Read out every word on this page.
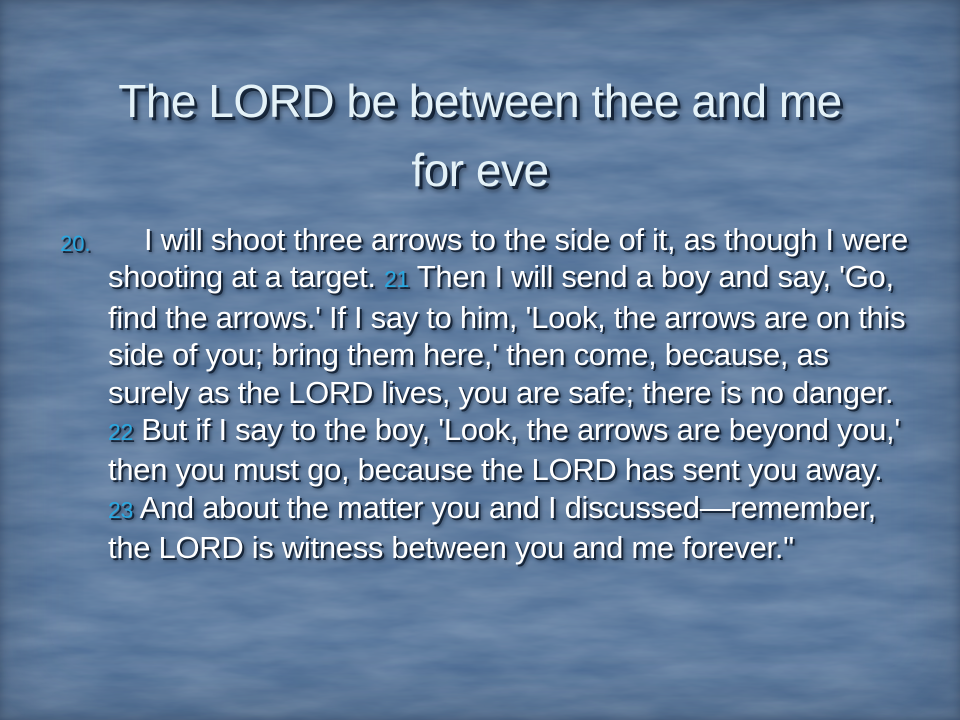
The LORD be between thee and me
for eve
20.	I will shoot three arrows to the side of it, as though I were shooting at a target. 21 Then I will send a boy and say, 'Go, find the arrows.' If I say to him, 'Look, the arrows are on this side of you; bring them here,' then come, because, as surely as the LORD lives, you are safe; there is no danger. 22 But if I say to the boy, 'Look, the arrows are beyond you,' then you must go, because the LORD has sent you away. 23 And about the matter you and I discussed—remember, the LORD is witness between you and me forever."
